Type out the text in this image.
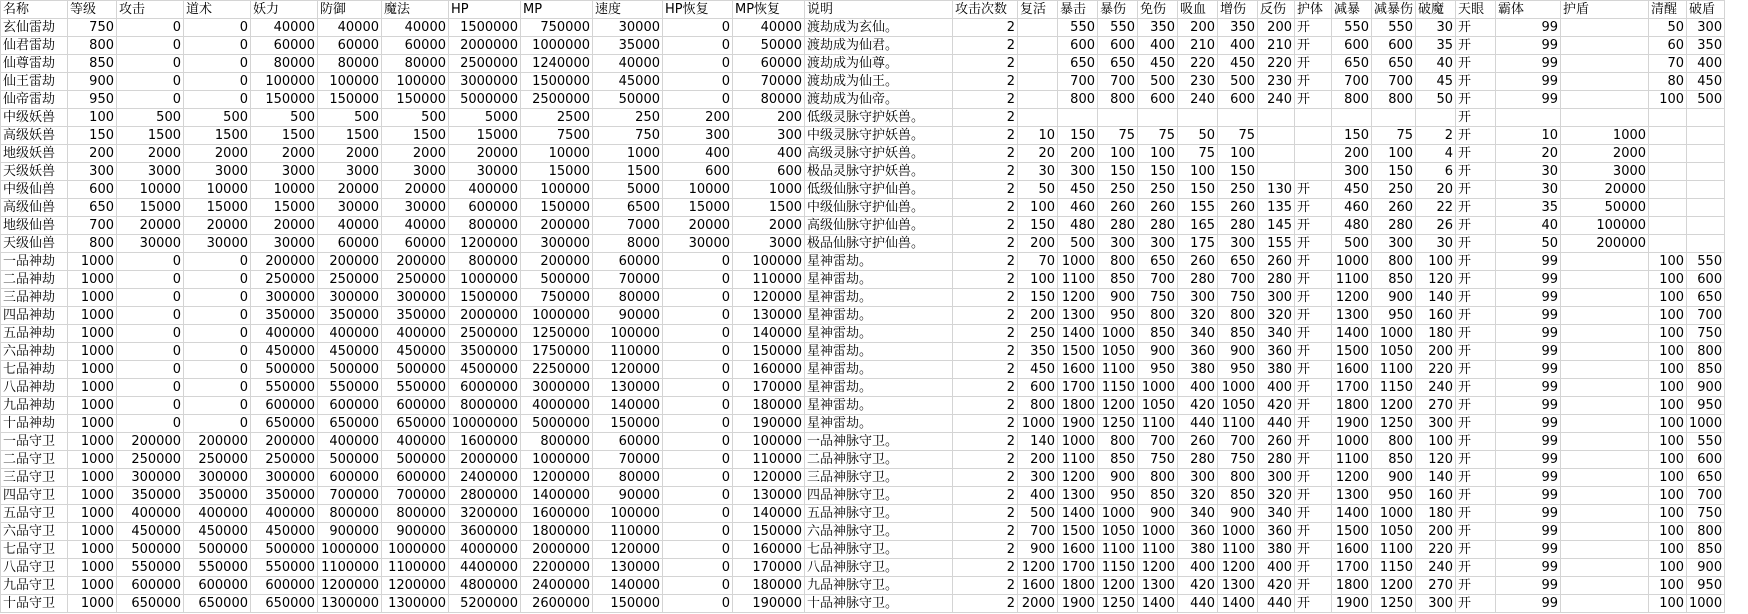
名称	等级	攻击	道术	妖力	防御	魔法	HP	MP	速度	HP恢复	MP恢复	说明	攻击次数	复活	暴击	暴伤	免伤	吸血	增伤	反伤	护体	减暴	减暴伤	破魔	天眼	霸体	护盾	清醒	破盾
玄仙雷劫	750	0	0	40000	40000	40000	1500000	750000	30000	0	40000	渡劫成为玄仙。	2		550	550	350	200	350	200	开	550	550	30	开	99		50	300
仙君雷劫	800	0	0	60000	60000	60000	2000000	1000000	35000	0	50000	渡劫成为仙君。	2		600	600	400	210	400	210	开	600	600	35	开	99		60	350
仙尊雷劫	850	0	0	80000	80000	80000	2500000	1240000	40000	0	60000	渡劫成为仙尊。	2		650	650	450	220	450	220	开	650	650	40	开	99		70	400
仙王雷劫	900	0	0	100000	100000	100000	3000000	1500000	45000	0	70000	渡劫成为仙王。	2		700	700	500	230	500	230	开	700	700	45	开	99		80	450
仙帝雷劫	950	0	0	150000	150000	150000	5000000	2500000	50000	0	80000	渡劫成为仙帝。	2		800	800	600	240	600	240	开	800	800	50	开	99		100	500
中级妖兽	100	500	500	500	500	500	5000	2500	250	200	200	低级灵脉守护妖兽。	2												开				
高级妖兽	150	1500	1500	1500	1500	1500	15000	7500	750	300	300	中级灵脉守护妖兽。	2	10	150	75	75	50	75			150	75	2	开	10	1000		
地级妖兽	200	2000	2000	2000	2000	2000	20000	10000	1000	400	400	高级灵脉守护妖兽。	2	20	200	100	100	75	100			200	100	4	开	20	2000		
天级妖兽	300	3000	3000	3000	3000	3000	30000	15000	1500	600	600	极品灵脉守护妖兽。	2	30	300	150	150	100	150			300	150	6	开	30	3000		
中级仙兽	600	10000	10000	10000	20000	20000	400000	100000	5000	10000	1000	低级仙脉守护仙兽。	2	50	450	250	250	150	250	130	开	450	250	20	开	30	20000		
高级仙兽	650	15000	15000	15000	30000	30000	600000	150000	6500	15000	1500	中级仙脉守护仙兽。	2	100	460	260	260	155	260	135	开	460	260	22	开	35	50000		
地级仙兽	700	20000	20000	20000	40000	40000	800000	200000	7000	20000	2000	高级仙脉守护仙兽。	2	150	480	280	280	165	280	145	开	480	280	26	开	40	100000		
天级仙兽	800	30000	30000	30000	60000	60000	1200000	300000	8000	30000	3000	极品仙脉守护仙兽。	2	200	500	300	300	175	300	155	开	500	300	30	开	50	200000		
一品神劫	1000	0	0	200000	200000	200000	800000	200000	60000	0	100000	星神雷劫。	2	70	1000	800	650	260	650	260	开	1000	800	100	开	99		100	550
二品神劫	1000	0	0	250000	250000	250000	1000000	500000	70000	0	110000	星神雷劫。	2	100	1100	850	700	280	700	280	开	1100	850	120	开	99		100	600
三品神劫	1000	0	0	300000	300000	300000	1500000	750000	80000	0	120000	星神雷劫。	2	150	1200	900	750	300	750	300	开	1200	900	140	开	99		100	650
四品神劫	1000	0	0	350000	350000	350000	2000000	1000000	90000	0	130000	星神雷劫。	2	200	1300	950	800	320	800	320	开	1300	950	160	开	99		100	700
五品神劫	1000	0	0	400000	400000	400000	2500000	1250000	100000	0	140000	星神雷劫。	2	250	1400	1000	850	340	850	340	开	1400	1000	180	开	99		100	750
六品神劫	1000	0	0	450000	450000	450000	3500000	1750000	110000	0	150000	星神雷劫。	2	350	1500	1050	900	360	900	360	开	1500	1050	200	开	99		100	800
七品神劫	1000	0	0	500000	500000	500000	4500000	2250000	120000	0	160000	星神雷劫。	2	450	1600	1100	950	380	950	380	开	1600	1100	220	开	99		100	850
八品神劫	1000	0	0	550000	550000	550000	6000000	3000000	130000	0	170000	星神雷劫。	2	600	1700	1150	1000	400	1000	400	开	1700	1150	240	开	99		100	900
九品神劫	1000	0	0	600000	600000	600000	8000000	4000000	140000	0	180000	星神雷劫。	2	800	1800	1200	1050	420	1050	420	开	1800	1200	270	开	99		100	950
十品神劫	1000	0	0	650000	650000	650000	10000000	5000000	150000	0	190000	星神雷劫。	2	1000	1900	1250	1100	440	1100	440	开	1900	1250	300	开	99		100	1000
一品守卫	1000	200000	200000	200000	400000	400000	1600000	800000	60000	0	100000	一品神脉守卫。	2	140	1000	800	700	260	700	260	开	1000	800	100	开	99		100	550
二品守卫	1000	250000	250000	250000	500000	500000	2000000	1000000	70000	0	110000	二品神脉守卫。	2	200	1100	850	750	280	750	280	开	1100	850	120	开	99		100	600
三品守卫	1000	300000	300000	300000	600000	600000	2400000	1200000	80000	0	120000	三品神脉守卫。	2	300	1200	900	800	300	800	300	开	1200	900	140	开	99		100	650
四品守卫	1000	350000	350000	350000	700000	700000	2800000	1400000	90000	0	130000	四品神脉守卫。	2	400	1300	950	850	320	850	320	开	1300	950	160	开	99		100	700
五品守卫	1000	400000	400000	400000	800000	800000	3200000	1600000	100000	0	140000	五品神脉守卫。	2	500	1400	1000	900	340	900	340	开	1400	1000	180	开	99		100	750
六品守卫	1000	450000	450000	450000	900000	900000	3600000	1800000	110000	0	150000	六品神脉守卫。	2	700	1500	1050	1000	360	1000	360	开	1500	1050	200	开	99		100	800
七品守卫	1000	500000	500000	500000	1000000	1000000	4000000	2000000	120000	0	160000	七品神脉守卫。	2	900	1600	1100	1100	380	1100	380	开	1600	1100	220	开	99		100	850
八品守卫	1000	550000	550000	550000	1100000	1100000	4400000	2200000	130000	0	170000	八品神脉守卫。	2	1200	1700	1150	1200	400	1200	400	开	1700	1150	240	开	99		100	900
九品守卫	1000	600000	600000	600000	1200000	1200000	4800000	2400000	140000	0	180000	九品神脉守卫。	2	1600	1800	1200	1300	420	1300	420	开	1800	1200	270	开	99		100	950
十品守卫	1000	650000	650000	650000	1300000	1300000	5200000	2600000	150000	0	190000	十品神脉守卫。	2	2000	1900	1250	1400	440	1400	440	开	1900	1250	300	开	99		100	1000
